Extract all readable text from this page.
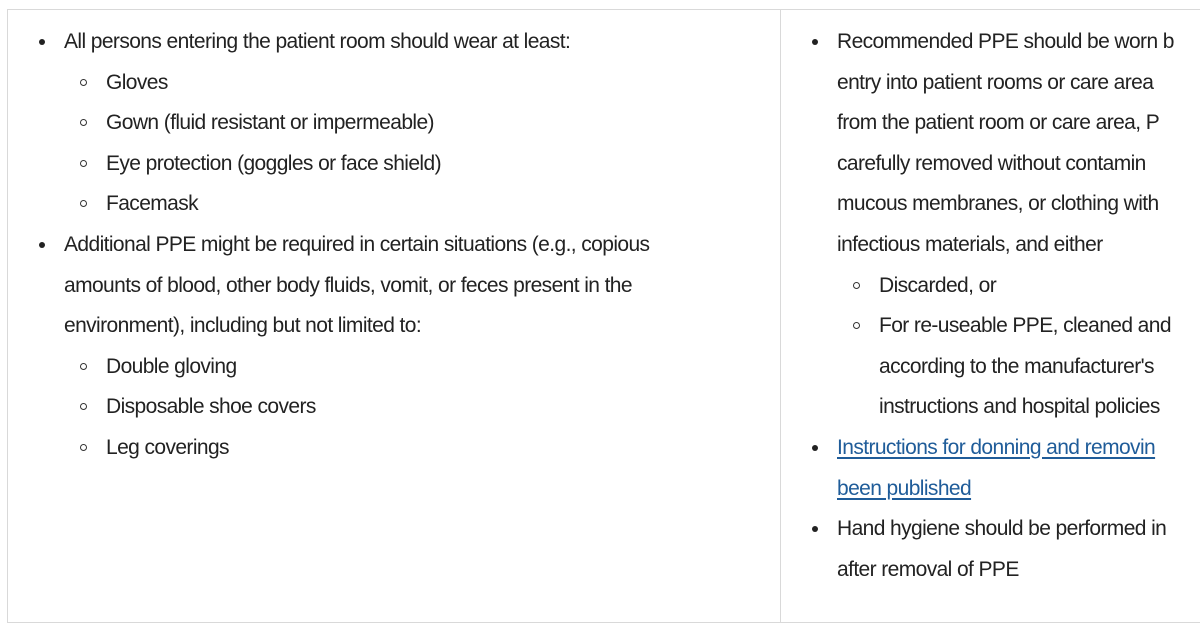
All persons entering the patient room should wear at least:
Gloves
Gown (fluid resistant or impermeable)
Eye protection (goggles or face shield)
Facemask
Additional PPE might be required in certain situations (e.g., copious
amounts of blood, other body fluids, vomit, or feces present in the
environment), including but not limited to:
Double gloving
Disposable shoe covers
Leg coverings
Recommended PPE should be worn b
entry into patient rooms or care area
from the patient room or care area, P
carefully removed without contamin
mucous membranes, or clothing with
infectious materials, and either
Discarded, or
For re-useable PPE, cleaned and
according to the manufacturer's
instructions and hospital policies
Instructions for donning and removin
been published
Hand hygiene should be performed in
after removal of PPE
